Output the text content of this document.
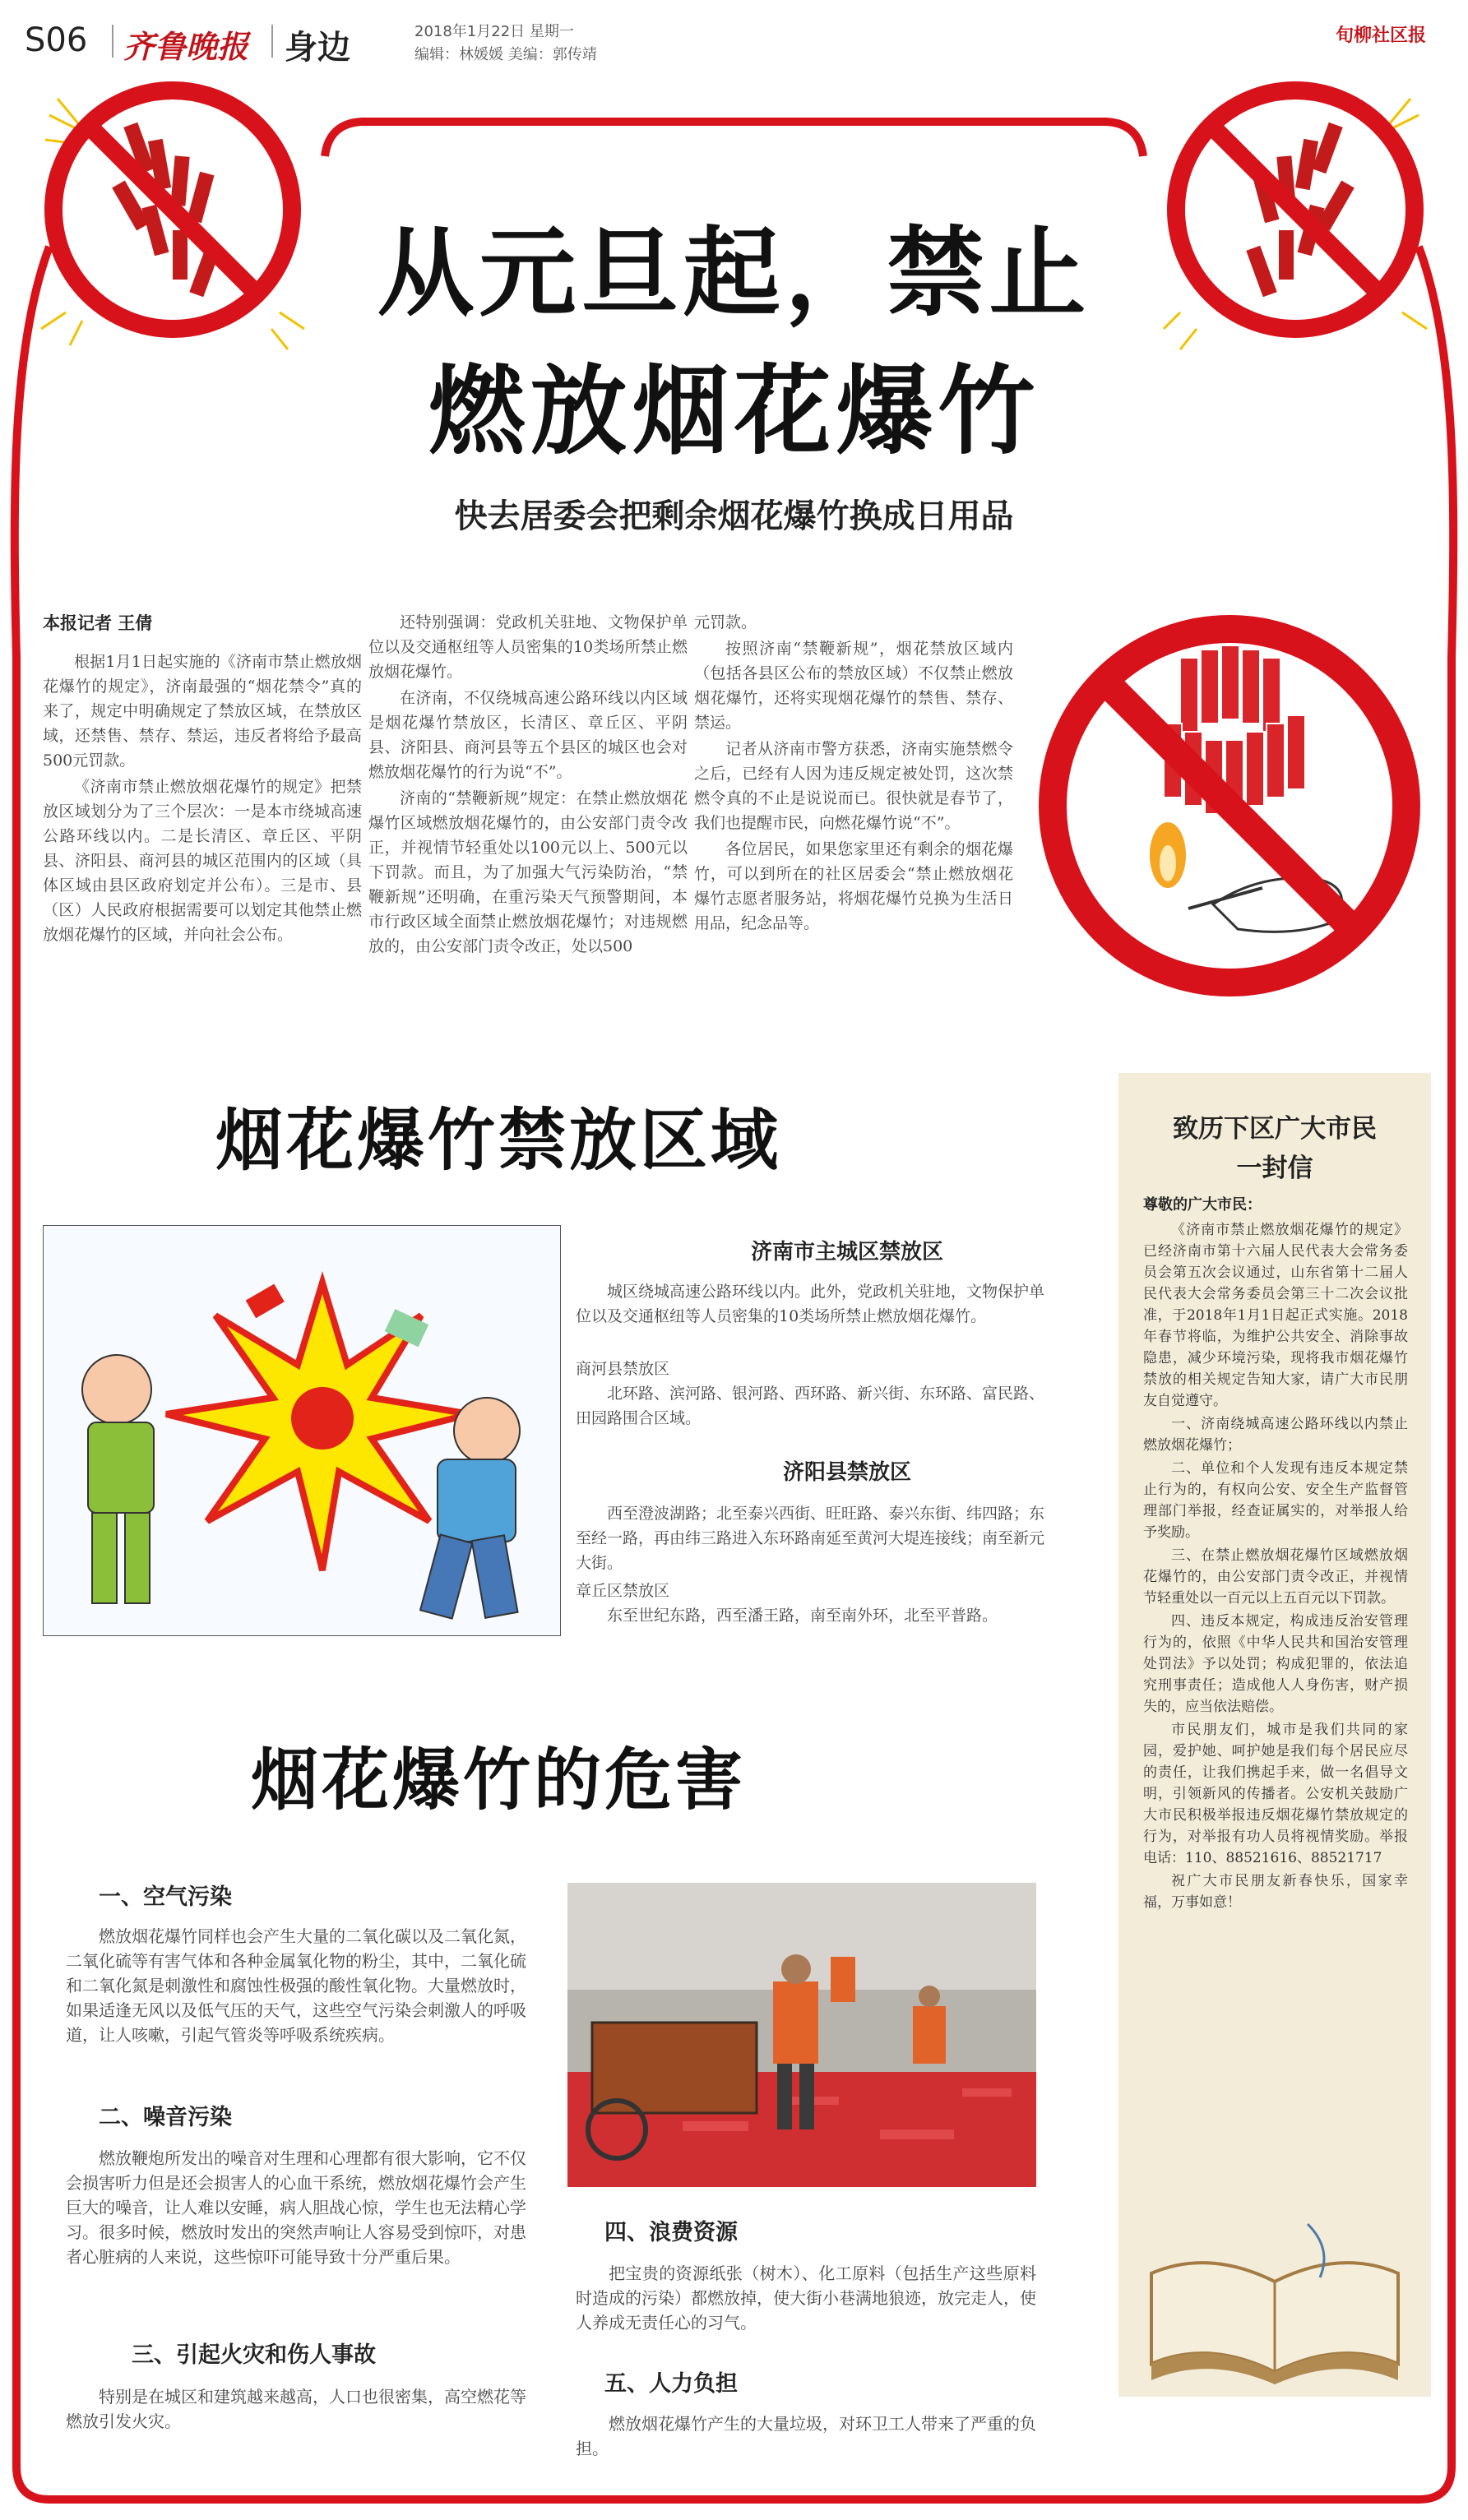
S06 齐鲁晚报 身边	2018年1月22日 星期一
编辑：林媛媛 美编：郭传靖
旬柳社区报
从元旦起，禁止
燃放烟花爆竹
快去居委会把剩余烟花爆竹换成日用品
本报记者 王倩

根据1月1日起实施的《济南市禁止燃放烟花爆竹的规定》，济南最强的“烟花禁令”真的来了，规定中明确规定了禁放区域，在禁放区域，还禁售、禁存、禁运，违反者将给予最高500元罚款。

《济南市禁止燃放烟花爆竹的规定》把禁放区域划分为了三个层次：一是本市绕城高速公路环线以内。二是长清区、章丘区、平阴县、济阳县、商河县的城区范围内的区域（具体区域由县区政府划定并公布）。三是市、县（区）人民政府根据需要可以划定其他禁止燃放烟花爆竹的区域，并向社会公布。

还特别强调：党政机关驻地、文物保护单位以及交通枢纽等人员密集的10类场所禁止燃放烟花爆竹。

在济南，不仅绕城高速公路环线以内区域是烟花爆竹禁放区，长清区、章丘区、平阴县、济阳县、商河县等五个县区的城区也会对燃放烟花爆竹的行为说“不”。

济南的“禁鞭新规”规定：在禁止燃放烟花爆竹区域燃放烟花爆竹的，由公安部门责令改正，并视情节轻重处以100元以上、500元以下罚款。而且，为了加强大气污染防治，“禁鞭新规”还明确，在重污染天气预警期间，本市行政区域全面禁止燃放烟花爆竹；对违规燃放的，由公安部门责令改正，处以500

元罚款。

按照济南“禁鞭新规”，烟花禁放区域内（包括各县区公布的禁放区域）不仅禁止燃放烟花爆竹，还将实现烟花爆竹的禁售、禁存、禁运。

记者从济南市警方获悉，济南实施禁燃令之后，已经有人因为违反规定被处罚，这次禁燃令真的不止是说说而已。很快就是春节了，我们也提醒市民，向燃花爆竹说“不”。

各位居民，如果您家里还有剩余的烟花爆竹，可以到所在的社区居委会“禁止燃放烟花爆竹志愿者服务站，将烟花爆竹兑换为生活日用品，纪念品等。

烟花爆竹禁放区域
济南市主城区禁放区
城区绕城高速公路环线以内。此外，党政机关驻地，文物保护单位以及交通枢纽等人员密集的10类场所禁止燃放烟花爆竹。
商河县禁放区
北环路、滨河路、银河路、西环路、新兴街、东环路、富民路、田园路围合区域。
济阳县禁放区
西至澄波湖路；北至泰兴西街、旺旺路、泰兴东街、纬四路；东至经一路，再由纬三路进入东环路南延至黄河大堤连接线；南至新元大街。
章丘区禁放区
东至世纪东路，西至潘王路，南至南外环，北至平普路。
烟花爆竹的危害
一、空气污染
燃放烟花爆竹同样也会产生大量的二氧化碳以及二氧化氮，二氧化硫等有害气体和各种金属氧化物的粉尘，其中，二氧化硫和二氧化氮是刺激性和腐蚀性极强的酸性氧化物。大量燃放时，如果适逢无风以及低气压的天气，这些空气污染会刺激人的呼吸道，让人咳嗽，引起气管炎等呼吸系统疾病。
二、噪音污染
燃放鞭炮所发出的噪音对生理和心理都有很大影响，它不仅会损害听力但是还会损害人的心血干系统，燃放烟花爆竹会产生巨大的噪音，让人难以安睡，病人胆战心惊，学生也无法精心学习。很多时候，燃放时发出的突然声响让人容易受到惊吓，对患者心脏病的人来说，这些惊吓可能导致十分严重后果。
三、引起火灾和伤人事故
特别是在城区和建筑越来越高，人口也很密集，高空燃花等燃放引发火灾。
四、浪费资源
把宝贵的资源纸张（树木）、化工原料（包括生产这些原料时造成的污染）都燃放掉，使大街小巷满地狼迹，放完走人，使人养成无责任心的习气。
五、人力负担
燃放烟花爆竹产生的大量垃圾，对环卫工人带来了严重的负担。
致历下区广大市民
一封信
尊敬的广大市民：

《济南市禁止燃放烟花爆竹的规定》已经济南市第十六届人民代表大会常务委员会第五次会议通过，山东省第十二届人民代表大会常务委员会第三十二次会议批准，于2018年1月1日起正式实施。2018年春节将临，为维护公共安全、消除事故隐患，减少环境污染，现将我市烟花爆竹禁放的相关规定告知大家，请广大市民朋友自觉遵守。

一、济南绕城高速公路环线以内禁止燃放烟花爆竹；

二、单位和个人发现有违反本规定禁止行为的，有权向公安、安全生产监督管理部门举报，经查证属实的，对举报人给予奖励。

三、在禁止燃放烟花爆竹区域燃放烟花爆竹的，由公安部门责令改正，并视情节轻重处以一百元以上五百元以下罚款。

四、违反本规定，构成违反治安管理行为的，依照《中华人民共和国治安管理处罚法》予以处罚；构成犯罪的，依法追究刑事责任；造成他人人身伤害，财产损失的，应当依法赔偿。

市民朋友们，城市是我们共同的家园，爱护她、呵护她是我们每个居民应尽的责任，让我们携起手来，做一名倡导文明，引领新风的传播者。公安机关鼓励广大市民积极举报违反烟花爆竹禁放规定的行为，对举报有功人员将视情奖励。举报电话：110、88521616、88521717

祝广大市民朋友新春快乐，国家幸福，万事如意！
